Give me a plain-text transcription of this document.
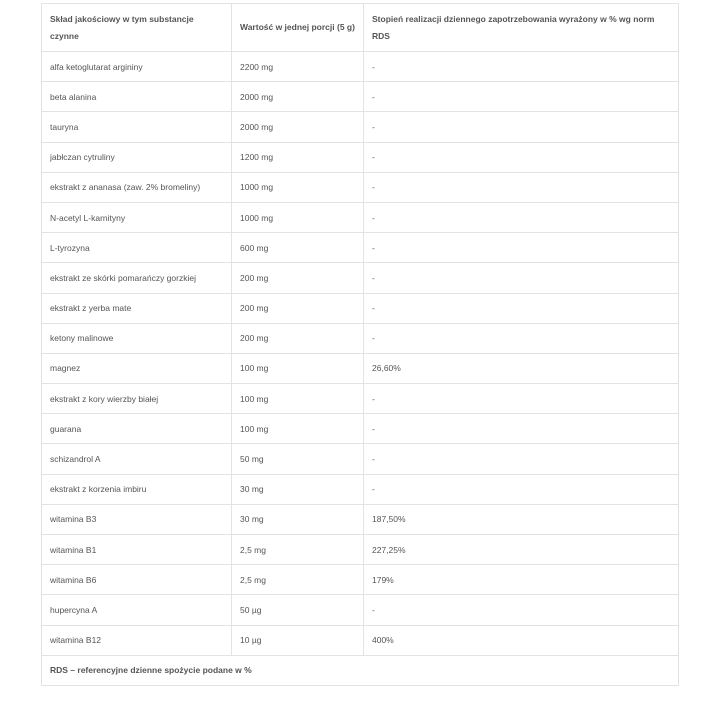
Skład jakościowy w tym substancje czynne	Wartość w jednej porcji (5 g)	Stopień realizacji dziennego zapotrzebowania wyrażony w % wg norm RDS
alfa ketoglutarat argininy	2200 mg	-
beta alanina	2000 mg	-
tauryna	2000 mg	-
jabłczan cytruliny	1200 mg	-
ekstrakt z ananasa (zaw. 2% bromeliny)	1000 mg	-
N-acetyl L-karnityny	1000 mg	-
L-tyrozyna	600 mg	-
ekstrakt ze skórki pomarańczy gorzkiej	200 mg	-
ekstrakt z yerba mate	200 mg	-
ketony malinowe	200 mg	-
magnez	100 mg	26,60%
ekstrakt z kory wierzby białej	100 mg	-
guarana	100 mg	-
schizandrol A	50 mg	-
ekstrakt z korzenia imbiru	30 mg	-
witamina B3	30 mg	187,50%
witamina B1	2,5 mg	227,25%
witamina B6	2,5 mg	179%
hupercyna A	50 µg	-
witamina B12	10 µg	400%
RDS – referencyjne dzienne spożycie podane w %		
